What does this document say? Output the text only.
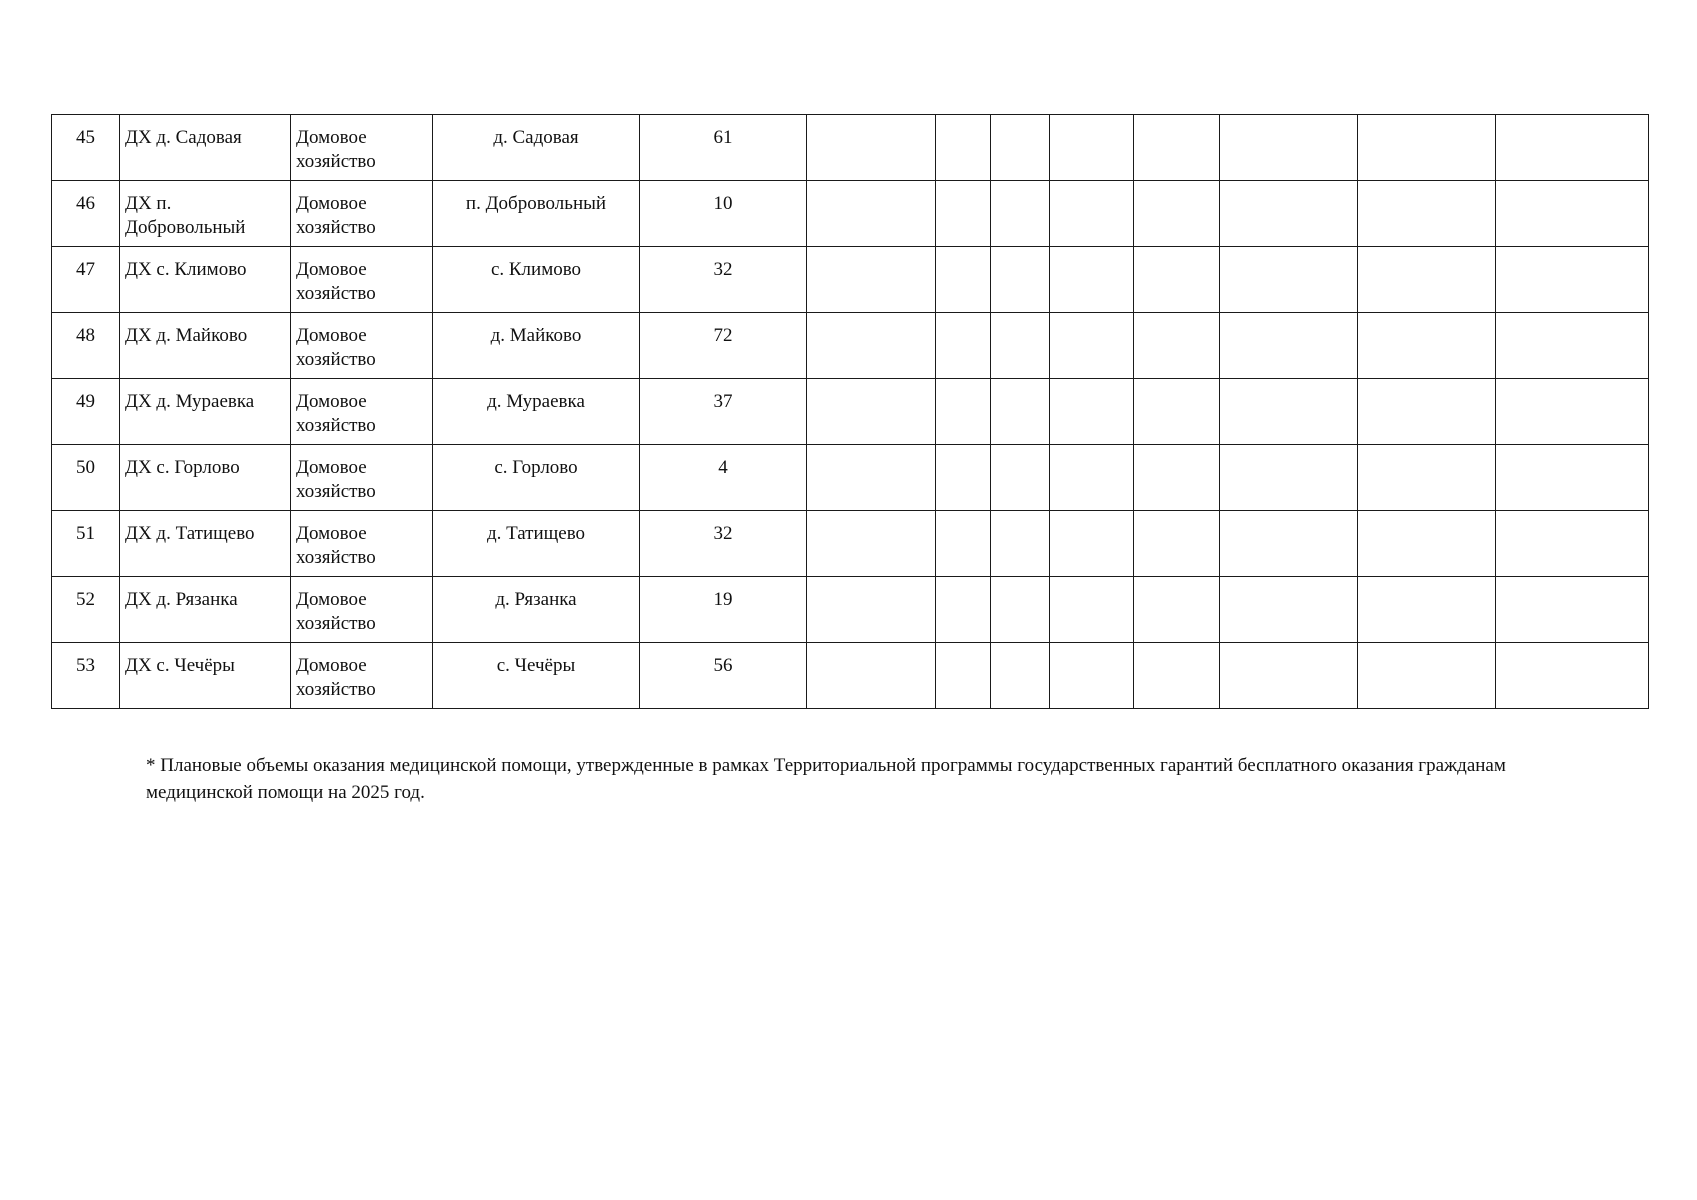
45	ДХ д. Садовая	Домовое хозяйство	д. Садовая	61								
46	ДХ п. Добровольный	Домовое хозяйство	п. Добровольный	10								
47	ДХ с. Климово	Домовое хозяйство	с. Климово	32								
48	ДХ д. Майково	Домовое хозяйство	д. Майково	72								
49	ДХ д. Мураевка	Домовое хозяйство	д. Мураевка	37								
50	ДХ с. Горлово	Домовое хозяйство	с. Горлово	4								
51	ДХ д. Татищево	Домовое хозяйство	д. Татищево	32								
52	ДХ д. Рязанка	Домовое хозяйство	д. Рязанка	19								
53	ДХ с. Чечёры	Домовое хозяйство	с. Чечёры	56								
* Плановые объемы оказания медицинской помощи, утвержденные в рамках Территориальной программы государственных гарантий бесплатного оказания гражданам медицинской помощи на 2025 год.
